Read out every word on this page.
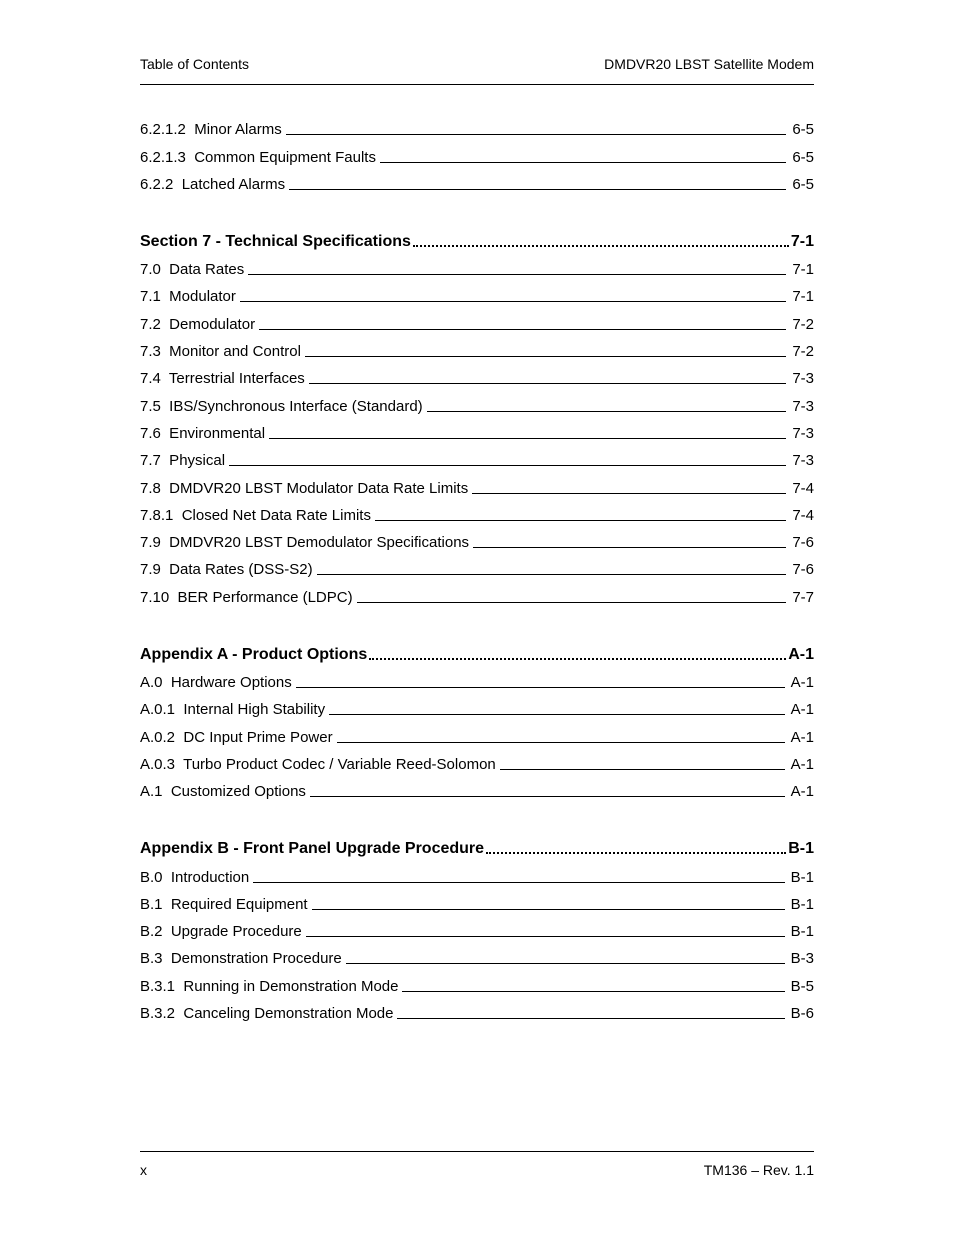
Table of Contents	DMDVR20 LBST Satellite Modem
6.2.1.2  Minor Alarms	6-5
6.2.1.3  Common Equipment Faults	6-5
6.2.2  Latched Alarms	6-5
Section 7 - Technical Specifications	7-1
7.0  Data Rates	7-1
7.1  Modulator	7-1
7.2  Demodulator	7-2
7.3  Monitor and Control	7-2
7.4  Terrestrial Interfaces	7-3
7.5  IBS/Synchronous Interface (Standard)	7-3
7.6  Environmental	7-3
7.7  Physical	7-3
7.8  DMDVR20 LBST Modulator Data Rate Limits	7-4
7.8.1  Closed Net Data Rate Limits	7-4
7.9  DMDVR20 LBST Demodulator Specifications	7-6
7.9  Data Rates (DSS-S2)	7-6
7.10  BER Performance (LDPC)	7-7
Appendix A - Product Options	A-1
A.0  Hardware Options	A-1
A.0.1  Internal High Stability	A-1
A.0.2  DC Input Prime Power	A-1
A.0.3  Turbo Product Codec / Variable Reed-Solomon	A-1
A.1  Customized Options	A-1
Appendix B - Front Panel Upgrade Procedure	B-1
B.0  Introduction	B-1
B.1  Required Equipment	B-1
B.2  Upgrade Procedure	B-1
B.3  Demonstration Procedure	B-3
B.3.1  Running in Demonstration Mode	B-5
B.3.2  Canceling Demonstration Mode	B-6
x	TM136 – Rev. 1.1
